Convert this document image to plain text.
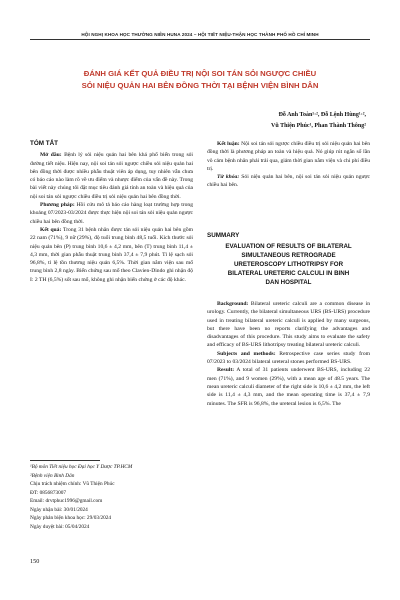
HỘI NGHỊ KHOA HỌC THƯỜNG NIÊN HUNA 2024 – HỘI TIẾT NIỆU-THẬN HỌC THÀNH PHỐ HỒ CHÍ MINH
ĐÁNH GIÁ KẾT QUẢ ĐIỀU TRỊ NỘI SOI TÁN SỎI NGƯỢC CHIỀU
SỎI NIỆU QUẢN HAI BÊN ĐỒNG THỜI TẠI BỆNH VIỆN BÌNH DÂN
Đỗ Anh Toàn¹·², Đỗ Lệnh Hùng¹·²,
Vũ Thiện Phúc¹, Phan Thành Thông²
TÓM TẮT

Mở đầu: Bệnh lý sỏi niệu quản hai bên khá phổ biến trong sỏi đường tiết niệu. Hiện nay, nội soi tán sỏi ngược chiều sỏi niệu quản hai bên đồng thời được nhiều phẫu thuật viên áp dụng, tuy nhiên vẫn chưa có báo cáo nào làm rõ về ưu điểm và nhược điểm của vấn đề này. Trong bài viết này chúng tôi đặt mục tiêu đánh giá tính an toàn và hiệu quả của nội soi tán sỏi ngược chiều điều trị sỏi niệu quản hai bên đồng thời.

Phương pháp: Hồi cứu mô tả báo cáo hàng loạt trường hợp trong khoảng 07/2023-03/2024 được thực hiện nội soi tán sỏi niệu quản ngược chiều hai bên đồng thời.

Kết quả: Trong 31 bệnh nhân được tán sỏi niệu quản hai bên gồm 22 nam (71%), 9 nữ (29%), độ tuổi trung bình 48,5 tuổi. Kích thước sỏi niệu quản bên (P) trung bình 10,6 ± 4,2 mm, bên (T) trung bình 11,4 ± 4,3 mm, thời gian phẫu thuật trung bình 37,4 ± 7,9 phút. Tỉ lệ sạch sỏi 96,8%, tỉ lệ tồn thương niệu quản 6,5%. Thời gian nằm viện sau mổ trung bình 2,8 ngày. Biến chứng sau mổ theo Clavien-Dindo ghi nhận độ I: 2 TH (6,5%) sốt sau mổ, không ghi nhận biến chứng ở các độ khác.

¹Bộ môn Tiết niệu học Đại học Y Dược TP.HCM
²Bệnh viện Bình Dân
Chịu trách nhiệm chính: Vũ Thiện Phúc
ĐT: 0856873007
Email: drvtphuc1996@gmail.com
Ngày nhận bài: 30/01/2024
Ngày phản biện khoa học: 29/03/2024
Ngày duyệt bài: 05/04/2024
150

Kết luận: Nội soi tán sỏi ngược chiều điều trị sỏi niệu quản hai bên đồng thời là phương pháp an toàn và hiệu quả. Nó giúp rút ngắn số lần vô cảm bệnh nhân phải trải qua, giảm thời gian nằm viện và chi phí điều trị.

Từ khóa: Sỏi niệu quản hai bên, nội soi tán sỏi niệu quản ngược chiều hai bên.

SUMMARY
EVALUATION OF RESULTS OF BILATERAL SIMULTANEOUS RETROGRADE URETEROSCOPY LITHOTRIPSY FOR BILATERAL URETERIC CALCULI IN BINH DAN HOSPITAL

Background: Bilateral ureteric calculi are a common disease in urology. Currently, the bilateral simultaneous URS (BS-URS) procedure used in treating bilateral ureteric calculi is applied by many surgeons, but there have been no reports clarifying the advantages and disadvantages of this procedure. This study aims to evaluate the safety and efficacy of BS-URS lithotripsy treating bilateral ureteric calculi.

Subjects and methods: Retrospective case series study from 07/2023 to 03/2024 bilateral ureteral stones performed BS-URS.

Result: A total of 31 patients underwent BS-URS, including 22 men (71%), and 9 women (29%), with a mean age of 48.5 years. The mean ureteric calculi diameter of the right side is 10,6 ± 4,2 mm, the left side is 11,4 ± 4,3 mm, and the mean operating time is 37,4 ± 7,9 minutes. The SFR is 96,8%, the ureteral lesion is 6,5%. The
